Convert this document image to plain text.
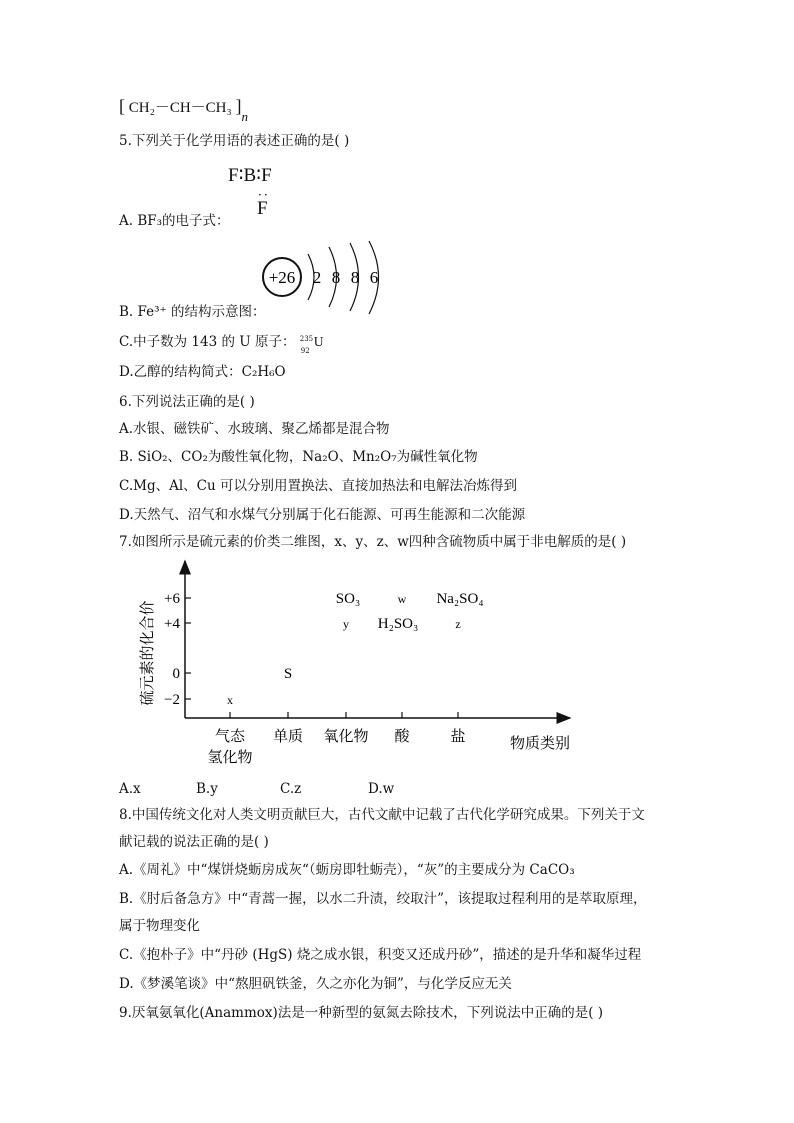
[ CH₂－CH－CH₃ ]n
5.下列关于化学用语的表述正确的是( )
F∶B∶F
··
F
A. BF₃的电子式：
+26 2 8 8 6
B. Fe³⁺ 的结构示意图：
C.中子数为 143 的 U 原子： 235
92
U
D.乙醇的结构简式：C₂H₆O
6.下列说法正确的是( )
A.水银、磁铁矿、水玻璃、聚乙烯都是混合物
B. SiO₂、CO₂为酸性氧化物，Na₂O、Mn₂O₇为碱性氧化物
C.Mg、Al、Cu 可以分别用置换法、直接加热法和电解法冶炼得到
D.天然气、沼气和水煤气分别属于化石能源、可再生能源和二次能源
7.如图所示是硫元素的价类二维图，x、y、z、w四种含硫物质中属于非电解质的是( )
硫元素的化合价
物质类别
+6
+4
0
−2
气态
氢化物
单质 氧化物 酸	盐
x
S
SO₃
y
w
H₂SO₃
Na₂SO₄
z
A.x	B.y	C.z	D.w
8.中国传统文化对人类文明贡献巨大，古代文献中记载了古代化学研究成果。下列关于文
献记载的说法正确的是( )
A.《周礼》中“煤饼烧蛎房成灰“（蛎房即牡蛎壳），“灰”的主要成分为 CaCO₃
B.《肘后备急方》中“青蒿一握，以水二升渍，绞取汁”，该提取过程利用的是萃取原理，
属于物理变化
C.《抱朴子》中“丹砂 (HgS) 烧之成水银，积变又还成丹砂”，描述的是升华和凝华过程
D.《梦溪笔谈》中“熬胆矾铁釜，久之亦化为铜”，与化学反应无关
9.厌氧氨氧化(Anammox)法是一种新型的氨氮去除技术，下列说法中正确的是( )
